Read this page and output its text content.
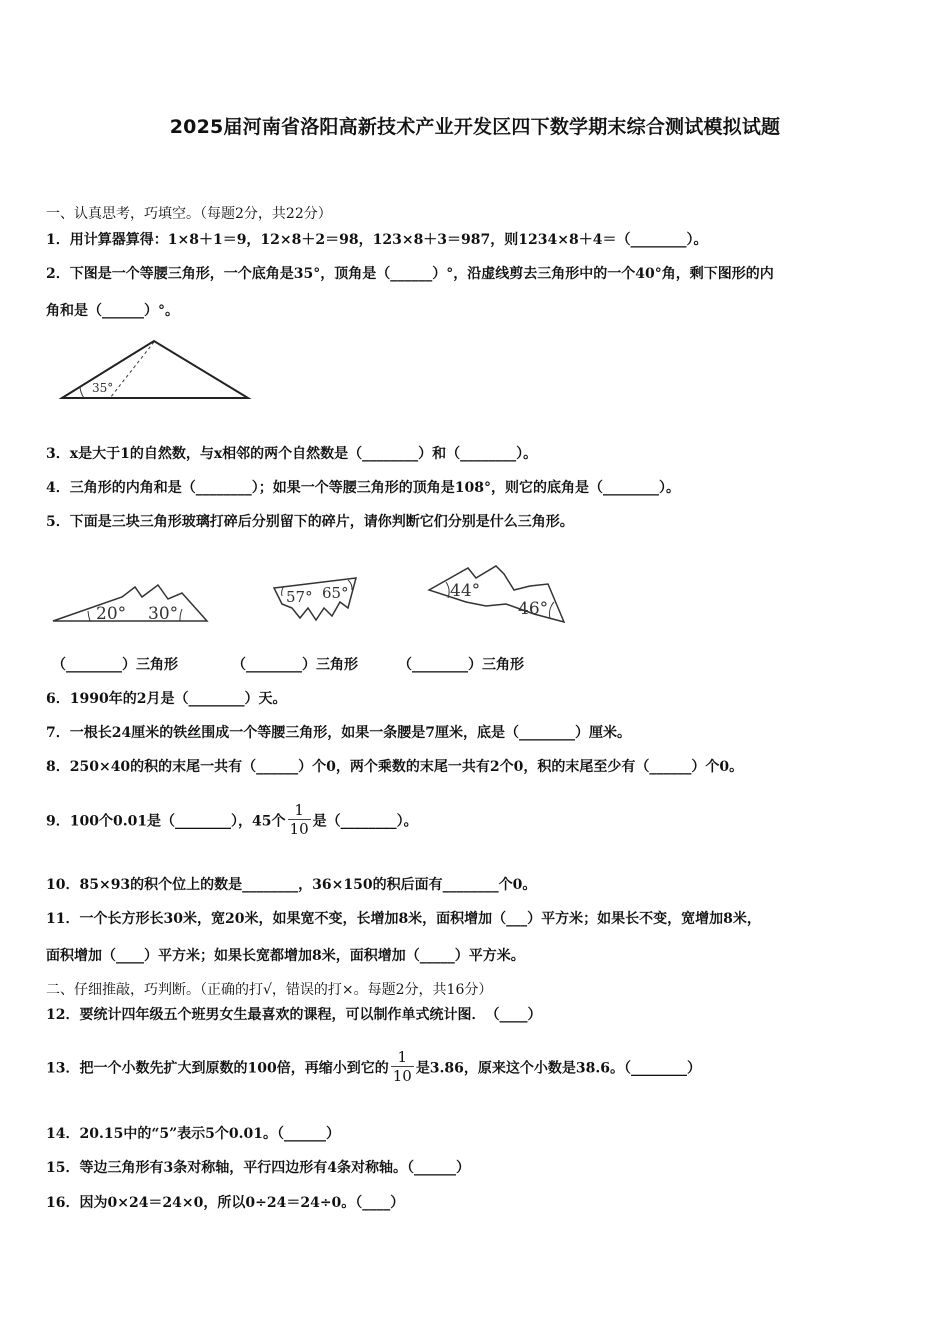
2025届河南省洛阳高新技术产业开发区四下数学期末综合测试模拟试题
一、认真思考，巧填空。（每题2分，共22分）
1．用计算器算得：1×8＋1＝9，12×8＋2＝98，123×8＋3＝987，则1234×8＋4＝（________）。
2．下图是一个等腰三角形，一个底角是35°，顶角是（______）°，沿虚线剪去三角形中的一个40°角，剩下图形的内
角和是（______）°。
35°
3．x是大于1的自然数，与x相邻的两个自然数是（________）和（________）。
4．三角形的内角和是（________）；如果一个等腰三角形的顶角是108°，则它的底角是（________）。
5．下面是三块三角形玻璃打碎后分别留下的碎片，请你判断它们分别是什么三角形。
20° 30°
57° 65°	44°
46°
（________）三角形	（________）三角形	（________）三角形
6．1990年的2月是（________）天。
7．一根长24厘米的铁丝围成一个等腰三角形，如果一条腰是7厘米，底是（________）厘米。
8．250×40的积的末尾一共有（______）个0，两个乘数的末尾一共有2个0，积的末尾至少有（______）个0。
9．100个0.01是（________），45个 $\frac{1}{10}$ 是（________）。
10．85×93的积个位上的数是________，36×150的积后面有________个0。
11．一个长方形长30米，宽20米，如果宽不变，长增加8米，面积增加（___）平方米；如果长不变，宽增加8米，
面积增加（____）平方米；如果长宽都增加8米，面积增加（_____）平方米。
二、仔细推敲，巧判断。（正确的打√，错误的打×。每题2分，共16分）
12．要统计四年级五个班男女生最喜欢的课程，可以制作单式统计图．　（____）
13．把一个小数先扩大到原数的100倍，再缩小到它的 $\frac{1}{10}$ 是3.86，原来这个小数是38.6。（________）
14．20.15中的“5”表示5个0.01。（______）
15．等边三角形有3条对称轴，平行四边形有4条对称轴。（______）
16．因为0×24＝24×0，所以0÷24＝24÷0。（____）
